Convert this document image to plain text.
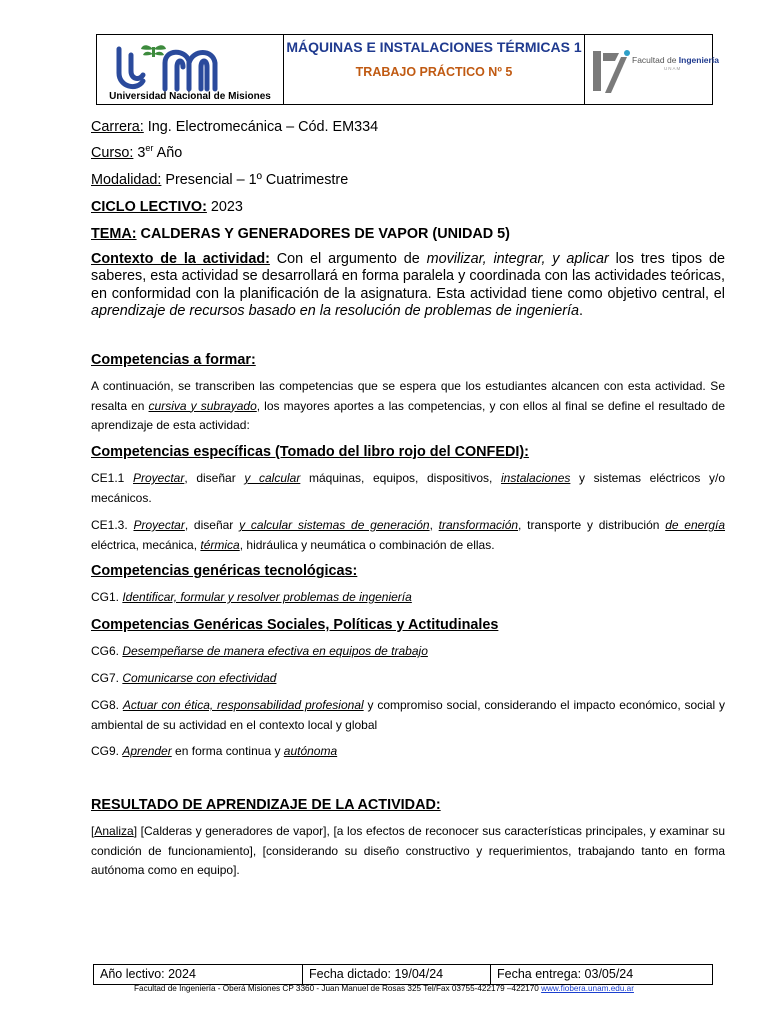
Universidad Nacional de Misiones
MÁQUINAS E INSTALACIONES TÉRMICAS 1
TRABAJO PRÁCTICO Nº 5
Facultad de Ingeniería
UNAM
Carrera: Ing. Electromecánica – Cód. EM334
Curso: 3er Año
Modalidad: Presencial – 1º Cuatrimestre
CICLO LECTIVO: 2023
TEMA: CALDERAS Y GENERADORES DE VAPOR (UNIDAD 5)
Contexto de la actividad: Con el argumento de movilizar, integrar, y aplicar los tres tipos de saberes, esta actividad se desarrollará en forma paralela y coordinada con las actividades teóricas, en conformidad con la planificación de la asignatura. Esta actividad tiene como objetivo central, el aprendizaje de recursos basado en la resolución de problemas de ingeniería.
Competencias a formar:
A continuación, se transcriben las competencias que se espera que los estudiantes alcancen con esta actividad. Se resalta en cursiva y subrayado, los mayores aportes a las competencias, y con ellos al final se define el resultado de aprendizaje de esta actividad:
Competencias específicas (Tomado del libro rojo del CONFEDI):
CE1.1 Proyectar, diseñar y calcular máquinas, equipos, dispositivos, instalaciones y sistemas eléctricos y/o mecánicos.
CE1.3. Proyectar, diseñar y calcular sistemas de generación, transformación, transporte y distribución de energía eléctrica, mecánica, térmica, hidráulica y neumática o combinación de ellas.
Competencias genéricas tecnológicas:
CG1. Identificar, formular y resolver problemas de ingeniería
Competencias Genéricas Sociales, Políticas y Actitudinales
CG6. Desempeñarse de manera efectiva en equipos de trabajo
CG7. Comunicarse con efectividad
CG8. Actuar con ética, responsabilidad profesional y compromiso social, considerando el impacto económico, social y ambiental de su actividad en el contexto local y global
CG9. Aprender en forma continua y autónoma
RESULTADO DE APRENDIZAJE DE LA ACTIVIDAD:
[Analiza] [Calderas y generadores de vapor], [a los efectos de reconocer sus características principales, y examinar su condición de funcionamiento], [considerando su diseño constructivo y requerimientos, trabajando tanto en forma autónoma como en equipo].
Año lectivo: 2024	Fecha dictado: 19/04/24	Fecha entrega: 03/05/24
Facultad de Ingeniería - Oberá Misiones CP 3360 - Juan Manuel de Rosas 325 Tel/Fax 03755-422179 –422170 www.fiobera.unam.edu.ar
